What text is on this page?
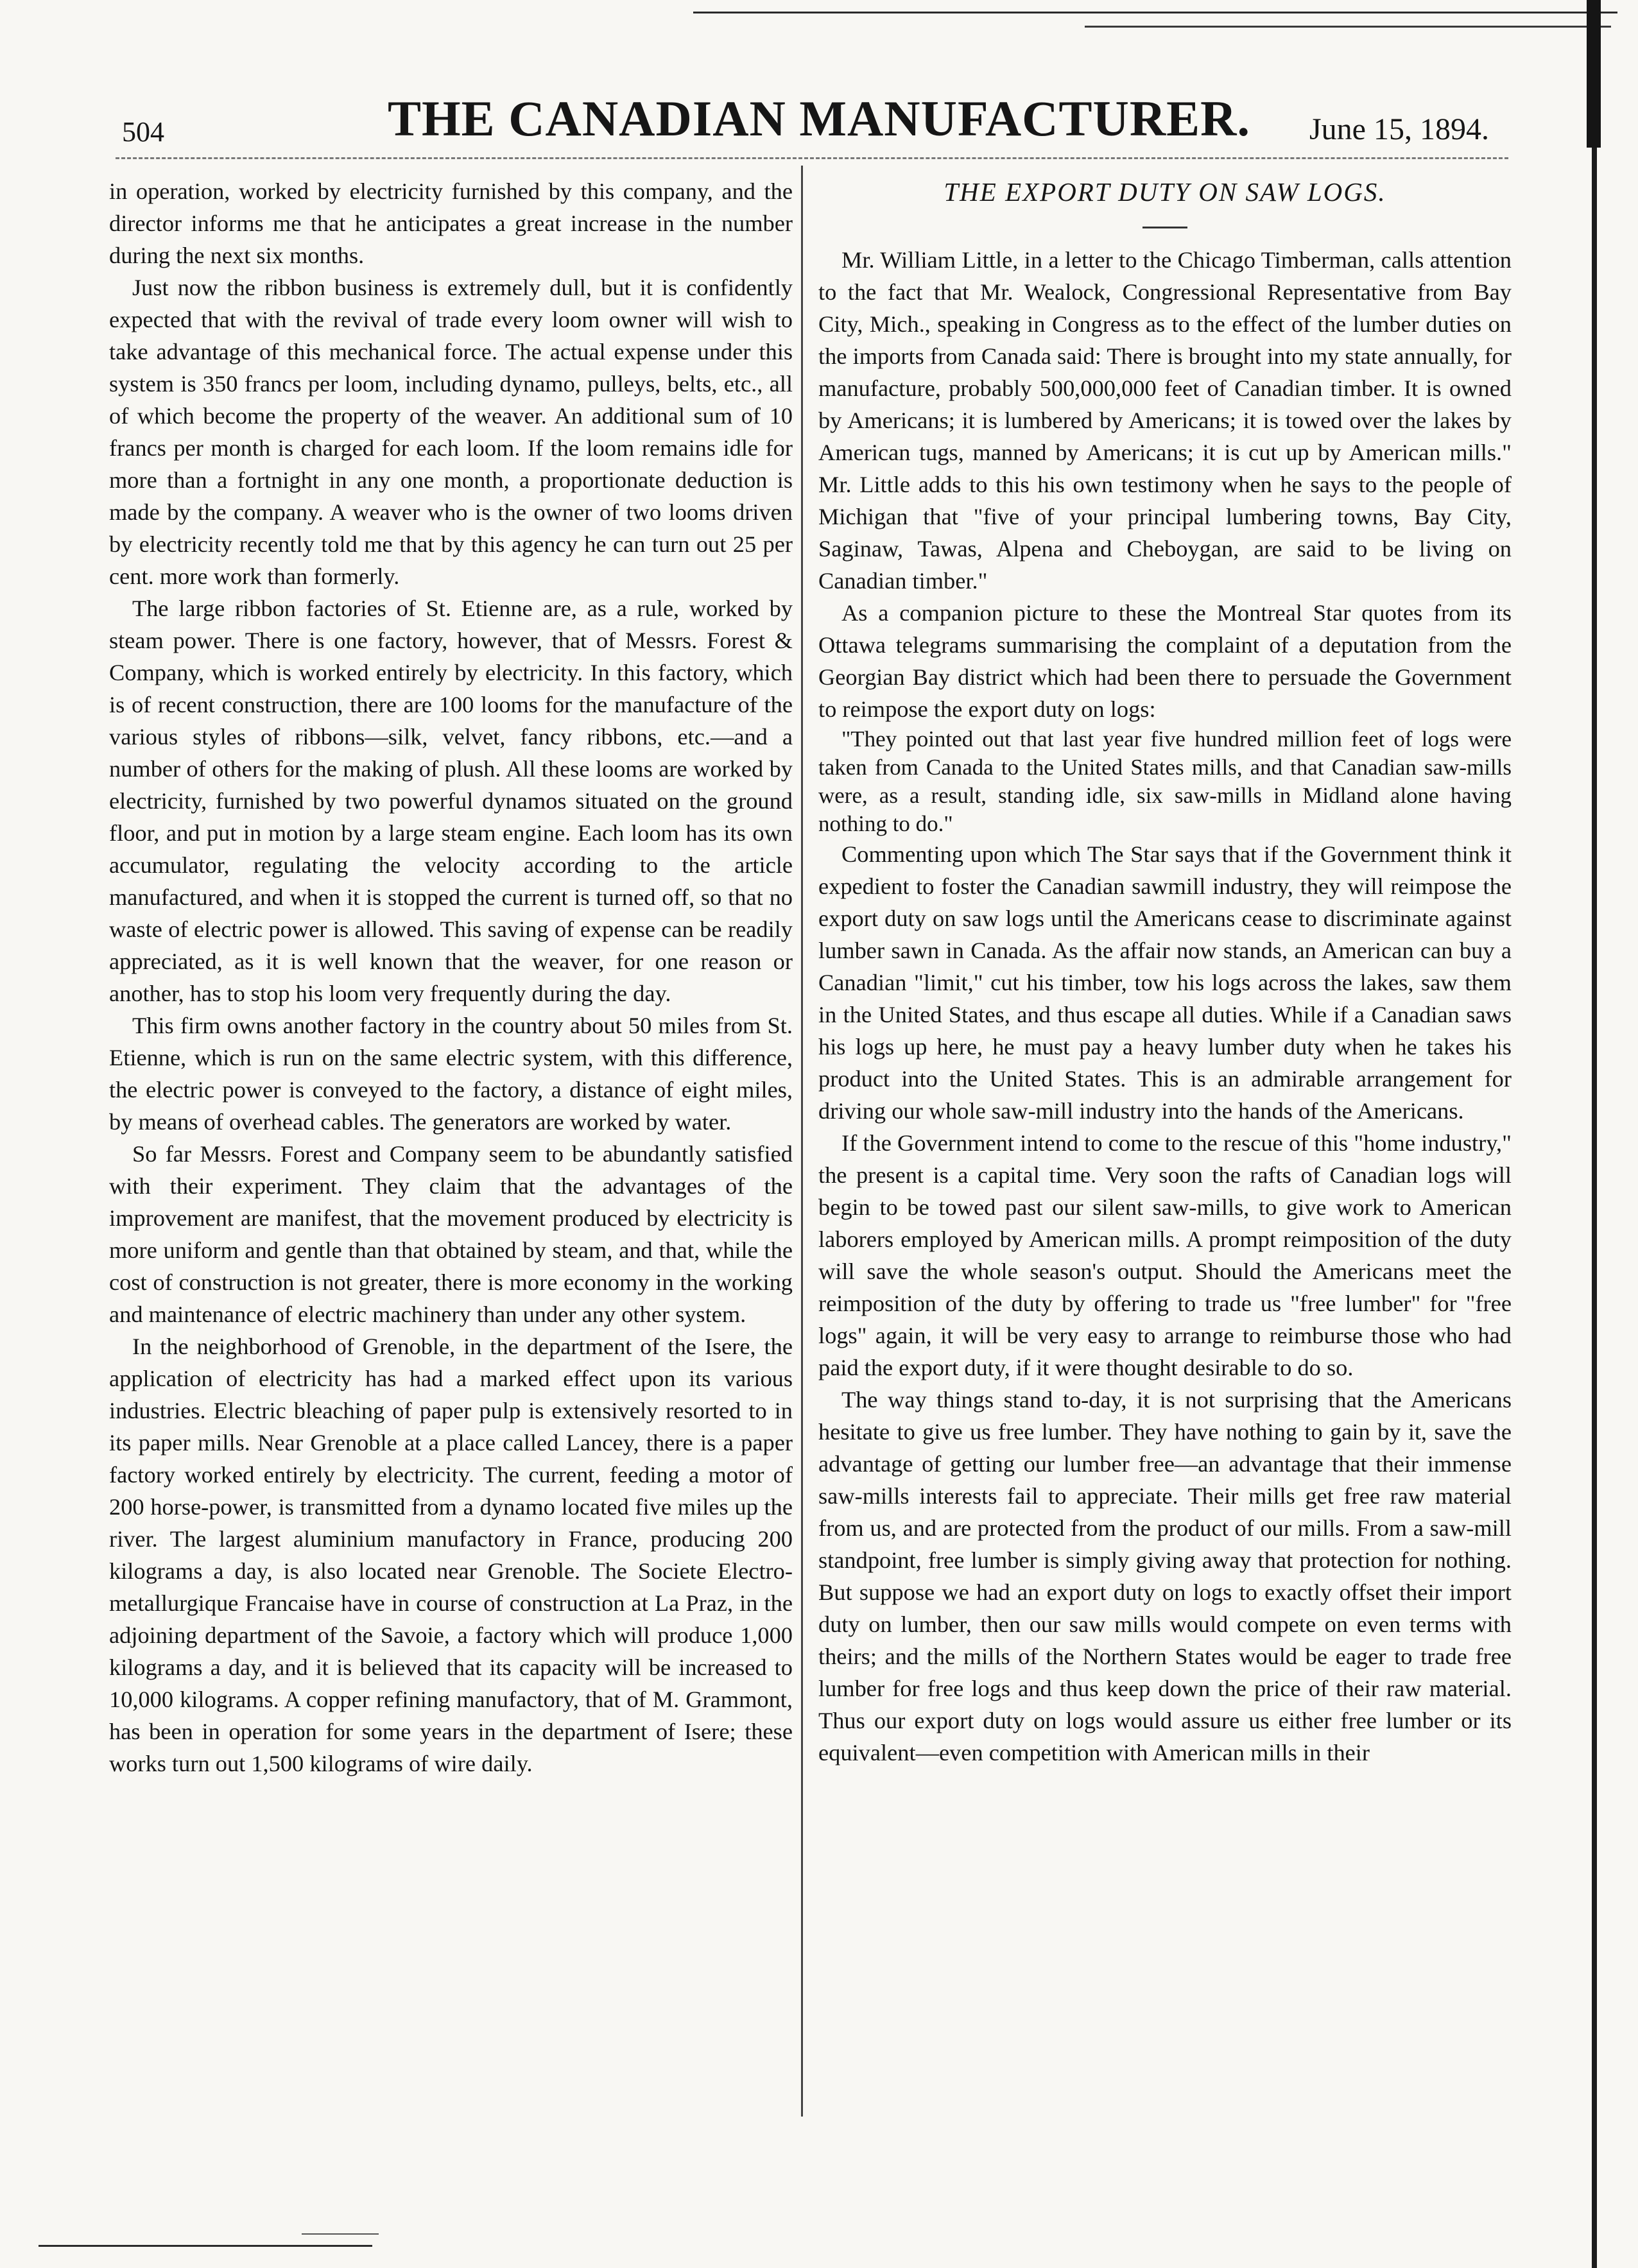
504	THE CANADIAN MANUFACTURER.	June 15, 1894.

in operation, worked by electricity furnished by this company, and the director informs me that he anticipates a great increase in the number during the next six months.

Just now the ribbon business is extremely dull, but it is confidently expected that with the revival of trade every loom owner will wish to take advantage of this mechanical force. The actual expense under this system is 350 francs per loom, including dynamo, pulleys, belts, etc., all of which become the property of the weaver. An additional sum of 10 francs per month is charged for each loom. If the loom remains idle for more than a fortnight in any one month, a proportionate deduction is made by the company. A weaver who is the owner of two looms driven by electricity recently told me that by this agency he can turn out 25 per cent. more work than formerly.

The large ribbon factories of St. Etienne are, as a rule, worked by steam power. There is one factory, however, that of Messrs. Forest & Company, which is worked entirely by electricity. In this factory, which is of recent construction, there are 100 looms for the manufacture of the various styles of ribbons—silk, velvet, fancy ribbons, etc.—and a number of others for the making of plush. All these looms are worked by electricity, furnished by two powerful dynamos situated on the ground floor, and put in motion by a large steam engine. Each loom has its own accumulator, regulating the velocity according to the article manufactured, and when it is stopped the current is turned off, so that no waste of electric power is allowed. This saving of expense can be readily appreciated, as it is well known that the weaver, for one reason or another, has to stop his loom very frequently during the day.

This firm owns another factory in the country about 50 miles from St. Etienne, which is run on the same electric system, with this difference, the electric power is conveyed to the factory, a distance of eight miles, by means of overhead cables. The generators are worked by water.

So far Messrs. Forest and Company seem to be abundantly satisfied with their experiment. They claim that the advantages of the improvement are manifest, that the movement produced by electricity is more uniform and gentle than that obtained by steam, and that, while the cost of construction is not greater, there is more economy in the working and maintenance of electric machinery than under any other system.

In the neighborhood of Grenoble, in the department of the Isere, the application of electricity has had a marked effect upon its various industries. Electric bleaching of paper pulp is extensively resorted to in its paper mills. Near Grenoble at a place called Lancey, there is a paper factory worked entirely by electricity. The current, feeding a motor of 200 horse-power, is transmitted from a dynamo located five miles up the river. The largest aluminium manufactory in France, producing 200 kilograms a day, is also located near Grenoble. The Societe Electro-metallurgique Francaise have in course of construction at La Praz, in the adjoining department of the Savoie, a factory which will produce 1,000 kilograms a day, and it is believed that its capacity will be increased to 10,000 kilograms. A copper refining manufactory, that of M. Grammont, has been in operation for some years in the department of Isere; these works turn out 1,500 kilograms of wire daily.

THE EXPORT DUTY ON SAW LOGS.

Mr. William Little, in a letter to the Chicago Timberman, calls attention to the fact that Mr. Wealock, Congressional Representative from Bay City, Mich., speaking in Congress as to the effect of the lumber duties on the imports from Canada said: There is brought into my state annually, for manufacture, probably 500,000,000 feet of Canadian timber. It is owned by Americans; it is lumbered by Americans; it is towed over the lakes by American tugs, manned by Americans; it is cut up by American mills." Mr. Little adds to this his own testimony when he says to the people of Michigan that "five of your principal lumbering towns, Bay City, Saginaw, Tawas, Alpena and Cheboygan, are said to be living on Canadian timber."

As a companion picture to these the Montreal Star quotes from its Ottawa telegrams summarising the complaint of a deputation from the Georgian Bay district which had been there to persuade the Government to reimpose the export duty on logs:

"They pointed out that last year five hundred million feet of logs were taken from Canada to the United States mills, and that Canadian saw-mills were, as a result, standing idle, six saw-mills in Midland alone having nothing to do."

Commenting upon which The Star says that if the Government think it expedient to foster the Canadian sawmill industry, they will reimpose the export duty on saw logs until the Americans cease to discriminate against lumber sawn in Canada. As the affair now stands, an American can buy a Canadian "limit," cut his timber, tow his logs across the lakes, saw them in the United States, and thus escape all duties. While if a Canadian saws his logs up here, he must pay a heavy lumber duty when he takes his product into the United States. This is an admirable arrangement for driving our whole saw-mill industry into the hands of the Americans.

If the Government intend to come to the rescue of this "home industry," the present is a capital time. Very soon the rafts of Canadian logs will begin to be towed past our silent saw-mills, to give work to American laborers employed by American mills. A prompt reimposition of the duty will save the whole season's output. Should the Americans meet the reimposition of the duty by offering to trade us "free lumber" for "free logs" again, it will be very easy to arrange to reimburse those who had paid the export duty, if it were thought desirable to do so.

The way things stand to-day, it is not surprising that the Americans hesitate to give us free lumber. They have nothing to gain by it, save the advantage of getting our lumber free—an advantage that their immense saw-mills interests fail to appreciate. Their mills get free raw material from us, and are protected from the product of our mills. From a saw-mill standpoint, free lumber is simply giving away that protection for nothing. But suppose we had an export duty on logs to exactly offset their import duty on lumber, then our saw mills would compete on even terms with theirs; and the mills of the Northern States would be eager to trade free lumber for free logs and thus keep down the price of their raw material. Thus our export duty on logs would assure us either free lumber or its equivalent—even competition with American mills in their
